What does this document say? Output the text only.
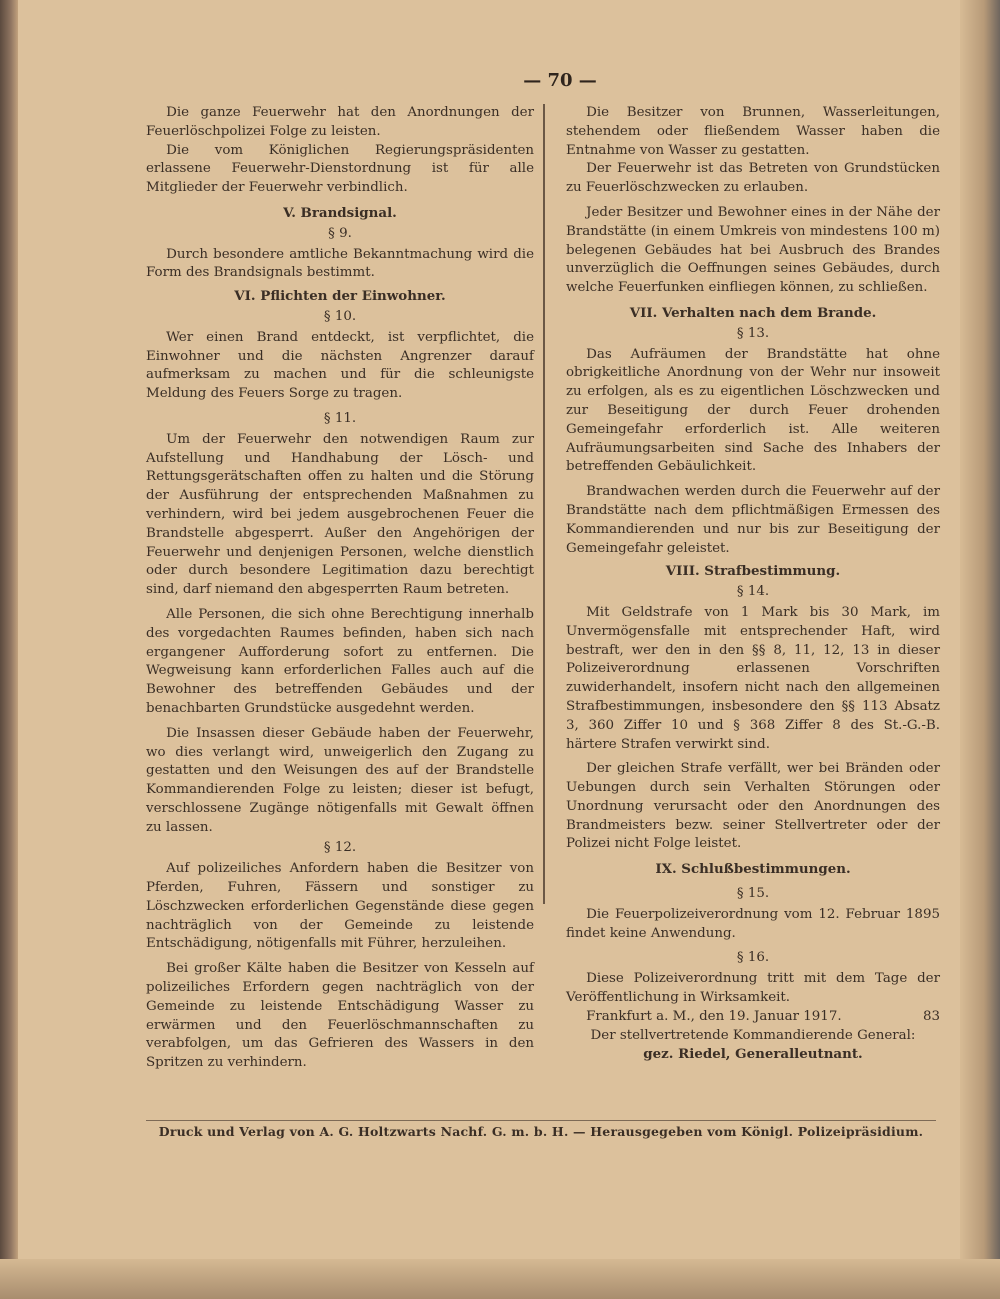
— 70 —

Die ganze Feuerwehr hat den Anordnungen der Feuerlöschpolizei Folge zu leisten.

Die vom Königlichen Regierungspräsidenten erlassene Feuerwehr-Dienstordnung ist für alle Mitglieder der Feuerwehr verbindlich.

V. Brandsignal.

§ 9.

Durch besondere amtliche Bekanntmachung wird die Form des Brandsignals bestimmt.

VI. Pflichten der Einwohner.

§ 10.

Wer einen Brand entdeckt, ist verpflichtet, die Einwohner und die nächsten Angrenzer darauf aufmerksam zu machen und für die schleunigste Meldung des Feuers Sorge zu tragen.

§ 11.

Um der Feuerwehr den notwendigen Raum zur Aufstellung und Handhabung der Lösch- und Rettungsgerätschaften offen zu halten und die Störung der Ausführung der entsprechenden Maßnahmen zu verhindern, wird bei jedem ausgebrochenen Feuer die Brandstelle abgesperrt. Außer den Angehörigen der Feuerwehr und denjenigen Personen, welche dienstlich oder durch besondere Legitimation dazu berechtigt sind, darf niemand den abgesperrten Raum betreten.

Alle Personen, die sich ohne Berechtigung innerhalb des vorgedachten Raumes befinden, haben sich nach ergangener Aufforderung sofort zu entfernen. Die Wegweisung kann erforderlichen Falles auch auf die Bewohner des betreffenden Gebäudes und der benachbarten Grundstücke ausgedehnt werden.

Die Insassen dieser Gebäude haben der Feuerwehr, wo dies verlangt wird, unweigerlich den Zugang zu gestatten und den Weisungen des auf der Brandstelle Kommandierenden Folge zu leisten; dieser ist befugt, verschlossene Zugänge nötigenfalls mit Gewalt öffnen zu lassen.

§ 12.

Auf polizeiliches Anfordern haben die Besitzer von Pferden, Fuhren, Fässern und sonstiger zu Löschzwecken erforderlichen Gegenstände diese gegen nachträglich von der Gemeinde zu leistende Entschädigung, nötigenfalls mit Führer, herzuleihen.

Bei großer Kälte haben die Besitzer von Kesseln auf polizeiliches Erfordern gegen nachträglich von der Gemeinde zu leistende Entschädigung Wasser zu erwärmen und den Feuerlöschmannschaften zu verabfolgen, um das Gefrieren des Wassers in den Spritzen zu verhindern.

Die Besitzer von Brunnen, Wasserleitungen, stehendem oder fließendem Wasser haben die Entnahme von Wasser zu gestatten.

Der Feuerwehr ist das Betreten von Grundstücken zu Feuerlöschzwecken zu erlauben.

Jeder Besitzer und Bewohner eines in der Nähe der Brandstätte (in einem Umkreis von mindestens 100 m) belegenen Gebäudes hat bei Ausbruch des Brandes unverzüglich die Oeffnungen seines Gebäudes, durch welche Feuerfunken einfliegen können, zu schließen.

VII. Verhalten nach dem Brande.

§ 13.

Das Aufräumen der Brandstätte hat ohne obrigkeitliche Anordnung von der Wehr nur insoweit zu erfolgen, als es zu eigentlichen Löschzwecken und zur Beseitigung der durch Feuer drohenden Gemeingefahr erforderlich ist. Alle weiteren Aufräumungsarbeiten sind Sache des Inhabers der betreffenden Gebäulichkeit.

Brandwachen werden durch die Feuerwehr auf der Brandstätte nach dem pflichtmäßigen Ermessen des Kommandierenden und nur bis zur Beseitigung der Gemeingefahr geleistet.

VIII. Strafbestimmung.

§ 14.

Mit Geldstrafe von 1 Mark bis 30 Mark, im Unvermögensfalle mit entsprechender Haft, wird bestraft, wer den in den §§ 8, 11, 12, 13 in dieser Polizeiverordnung erlassenen Vorschriften zuwiderhandelt, insofern nicht nach den allgemeinen Strafbestimmungen, insbesondere den §§ 113 Absatz 3, 360 Ziffer 10 und § 368 Ziffer 8 des St.-G.-B. härtere Strafen verwirkt sind.

Der gleichen Strafe verfällt, wer bei Bränden oder Uebungen durch sein Verhalten Störungen oder Unordnung verursacht oder den Anordnungen des Brandmeisters bezw. seiner Stellvertreter oder der Polizei nicht Folge leistet.

IX. Schlußbestimmungen.

§ 15.

Die Feuerpolizeiverordnung vom 12. Februar 1895 findet keine Anwendung.

§ 16.

Diese Polizeiverordnung tritt mit dem Tage der Veröffentlichung in Wirksamkeit.

Frankfurt a. M., den 19. Januar 1917.	83

Der stellvertretende Kommandierende General:

gez. Riedel, Generalleutnant.

Druck und Verlag von A. G. Holtzwarts Nachf. G. m. b. H. — Herausgegeben vom Königl. Polizeipräsidium.
